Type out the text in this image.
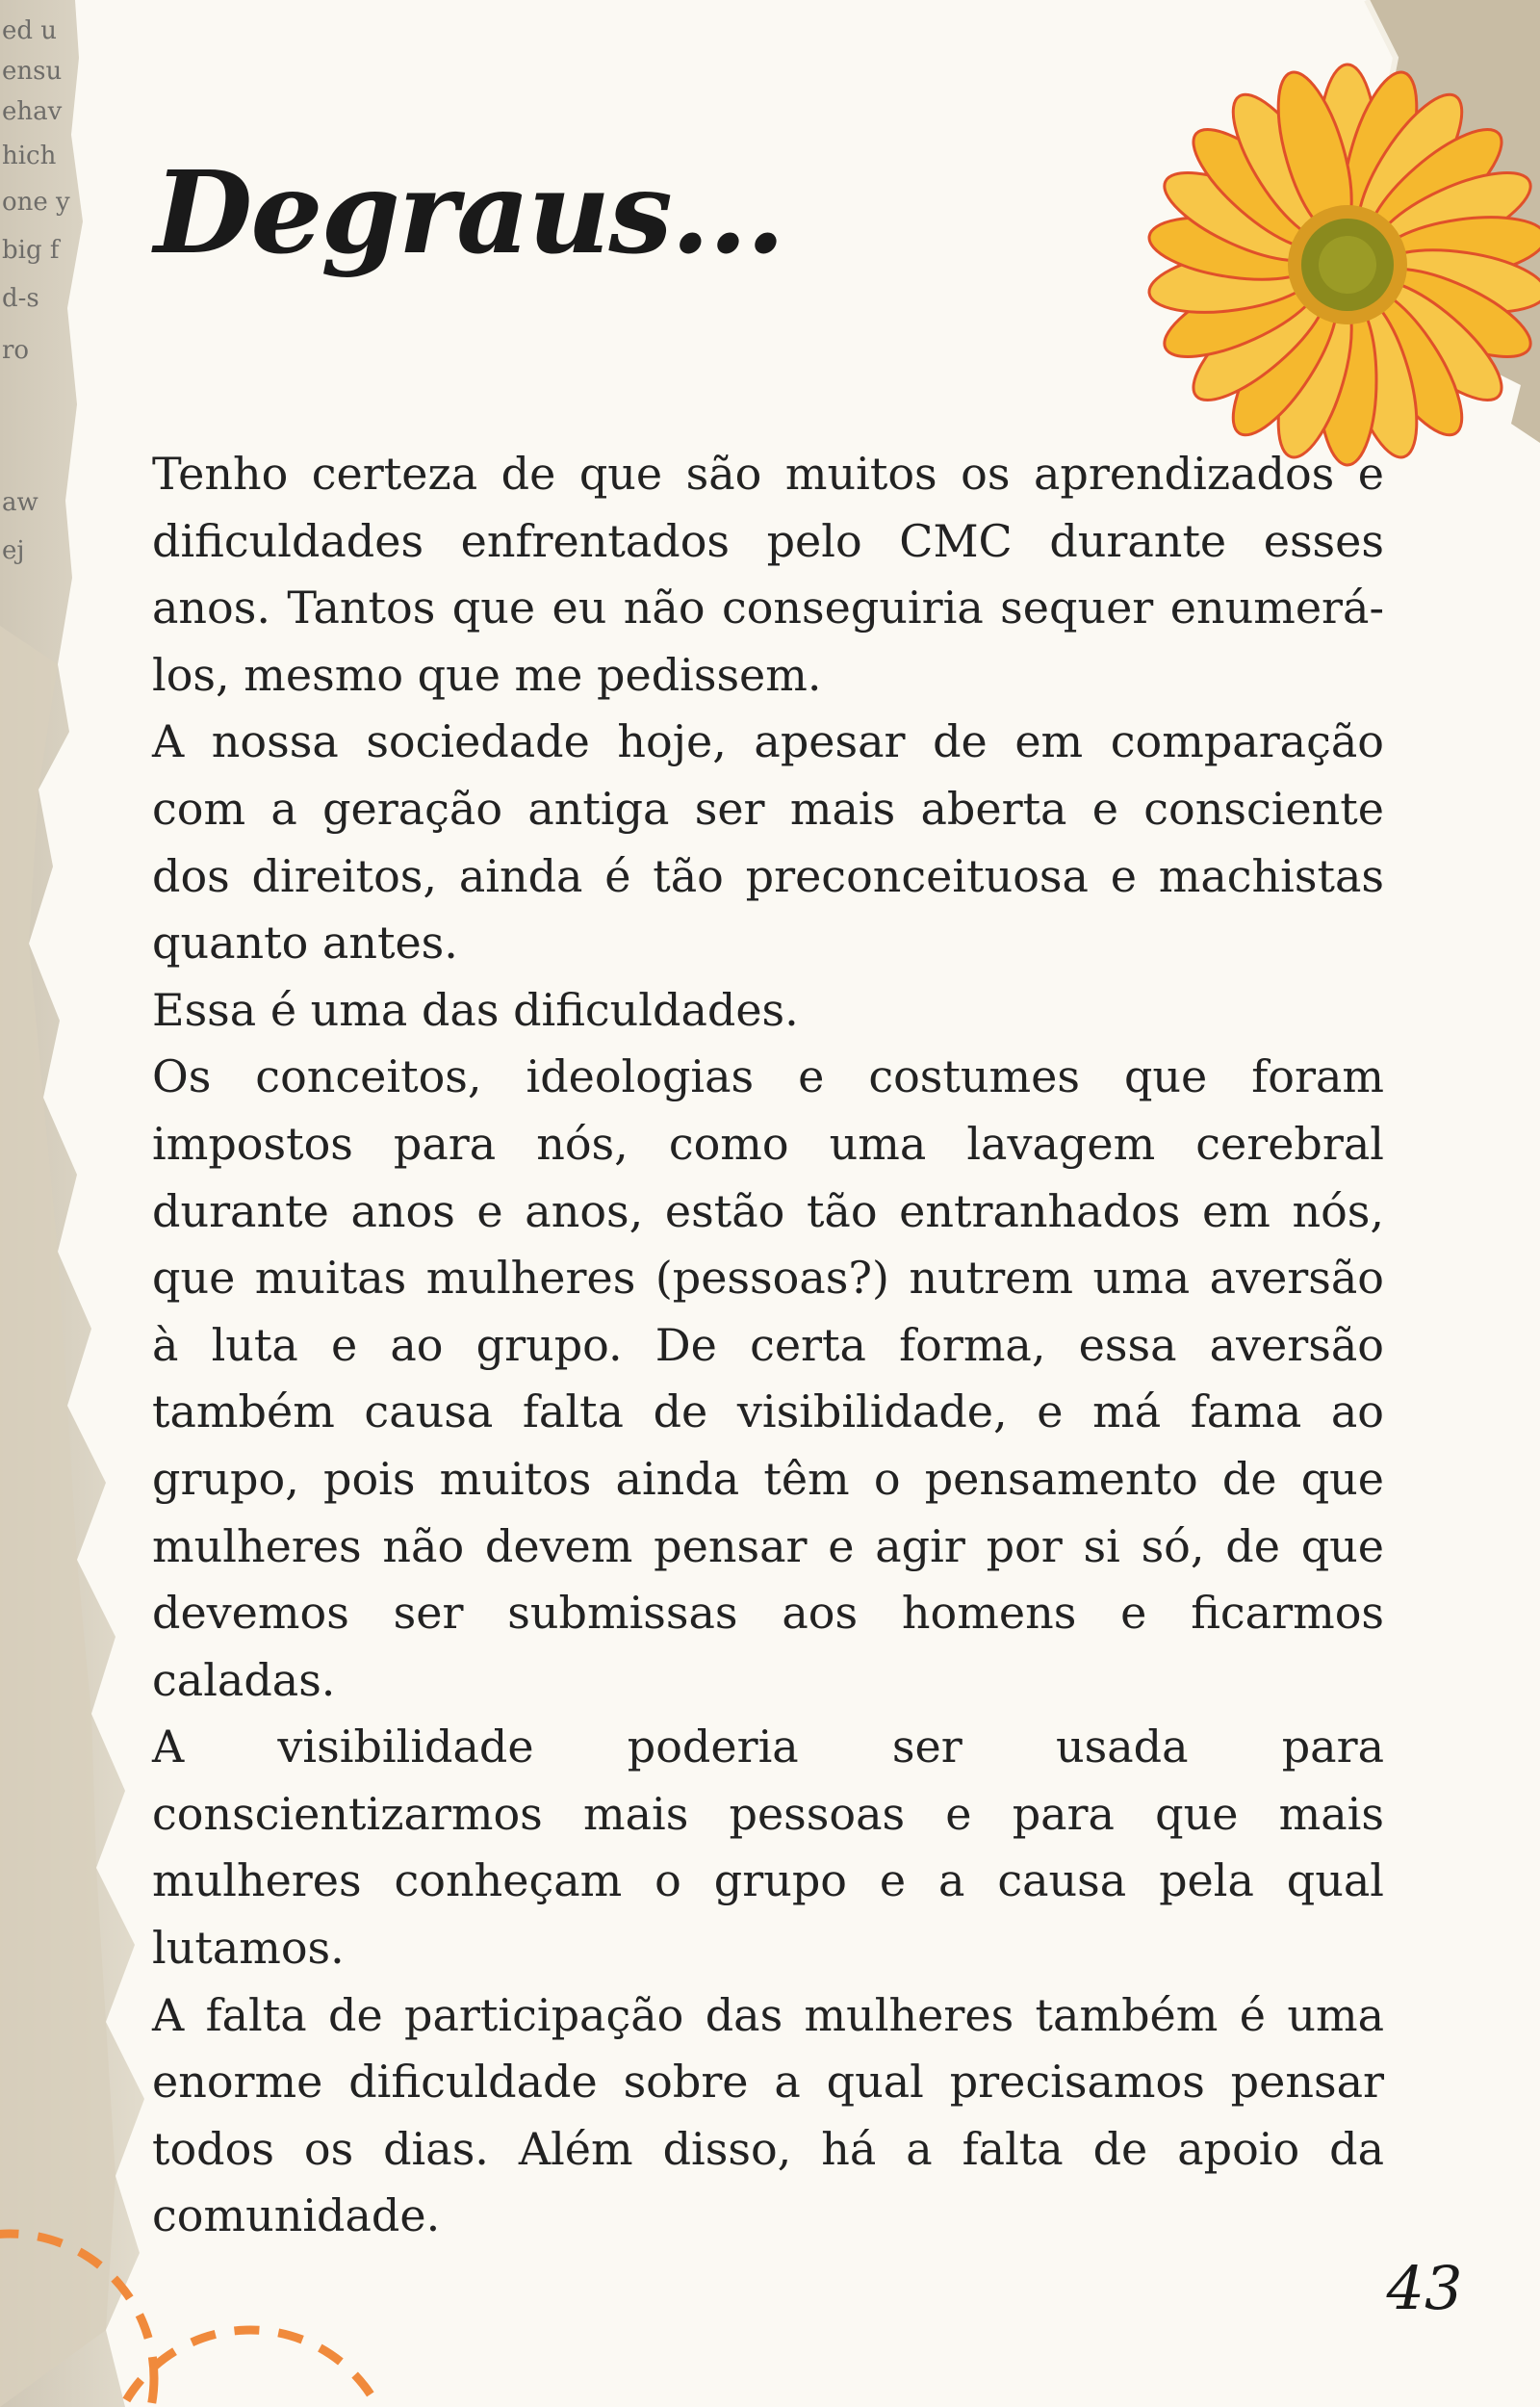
ed u
ensu
ehav
hich
one y
big f
d-s
ro
aw
ej
Degraus...

Tenho certeza de que são muitos os aprendizados e dificuldades enfrentados pelo CMC durante esses anos. Tantos que eu não conseguiria sequer enumerá-los, mesmo que me pedissem.

A nossa sociedade hoje, apesar de em comparação com a geração antiga ser mais aberta e consciente dos direitos, ainda é tão preconceituosa e machistas quanto antes.

Essa é uma das dificuldades.

Os conceitos, ideologias e costumes que foram impostos para nós, como uma lavagem cerebral durante anos e anos, estão tão entranhados em nós, que muitas mulheres (pessoas?) nutrem uma aversão à luta e ao grupo. De certa forma, essa aversão também causa falta de visibilidade, e má fama ao grupo, pois muitos ainda têm o pensamento de que mulheres não devem pensar e agir por si só, de que devemos ser submissas aos homens e ficarmos caladas.

A visibilidade poderia ser usada para conscientizarmos mais pessoas e para que mais mulheres conheçam o grupo e a causa pela qual lutamos.

A falta de participação das mulheres também é uma enorme dificuldade sobre a qual precisamos pensar todos os dias. Além disso, há a falta de apoio da comunidade.

43
